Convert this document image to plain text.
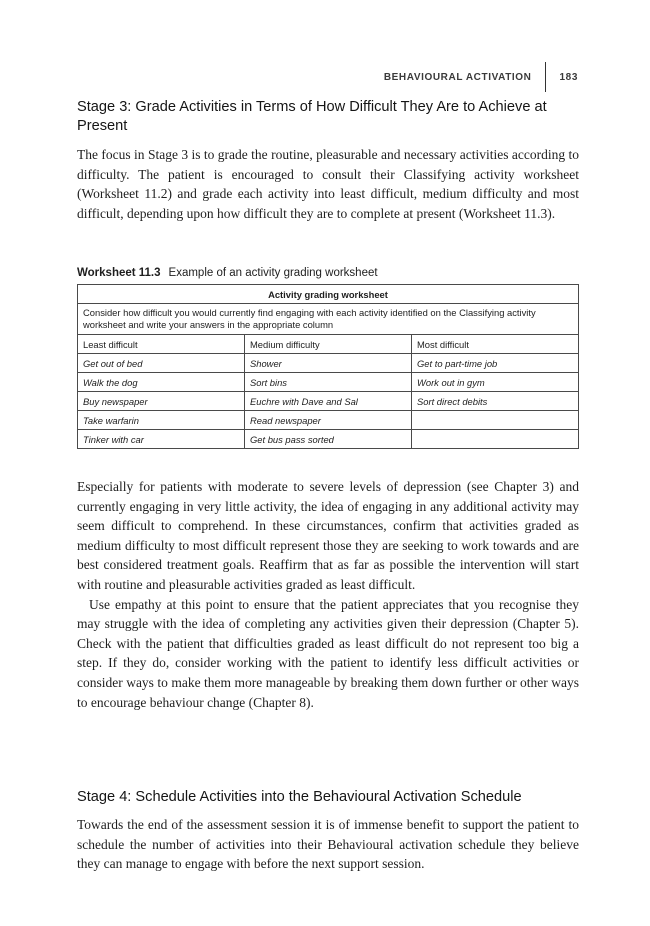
BEHAVIOURAL ACTIVATION	183
Stage 3: Grade Activities in Terms of How Difficult They Are to Achieve at Present

The focus in Stage 3 is to grade the routine, pleasurable and necessary activities according to difficulty. The patient is encouraged to consult their Classifying activity worksheet (Worksheet 11.2) and grade each activity into least difficult, medium difficulty and most difficult, depending upon how difficult they are to complete at present (Worksheet 11.3).

Worksheet 11.3 Example of an activity grading worksheet
Activity grading worksheet		
Consider how difficult you would currently find engaging with each activity identified on the Classifying activity worksheet and write your answers in the appropriate column		
Least difficult	Medium difficulty	Most difficult
Get out of bed	Shower	Get to part-time job
Walk the dog	Sort bins	Work out in gym
Buy newspaper	Euchre with Dave and Sal	Sort direct debits
Take warfarin	Read newspaper	
Tinker with car	Get bus pass sorted	

Especially for patients with moderate to severe levels of depression (see Chapter 3) and currently engaging in very little activity, the idea of engaging in any additional activity may seem difficult to comprehend. In these circumstances, confirm that activities graded as medium difficulty to most difficult represent those they are seeking to work towards and are best considered treatment goals. Reaffirm that as far as possible the intervention will start with routine and pleasurable activities graded as least difficult.

Use empathy at this point to ensure that the patient appreciates that you recognise they may struggle with the idea of completing any activities given their depression (Chapter 5). Check with the patient that difficulties graded as least difficult do not represent too big a step. If they do, consider working with the patient to identify less difficult activities or consider ways to make them more manageable by breaking them down further or other ways to encourage behaviour change (Chapter 8).

Stage 4: Schedule Activities into the Behavioural Activation Schedule

Towards the end of the assessment session it is of immense benefit to support the patient to schedule the number of activities into their Behavioural activation schedule they believe they can manage to engage with before the next support session.
